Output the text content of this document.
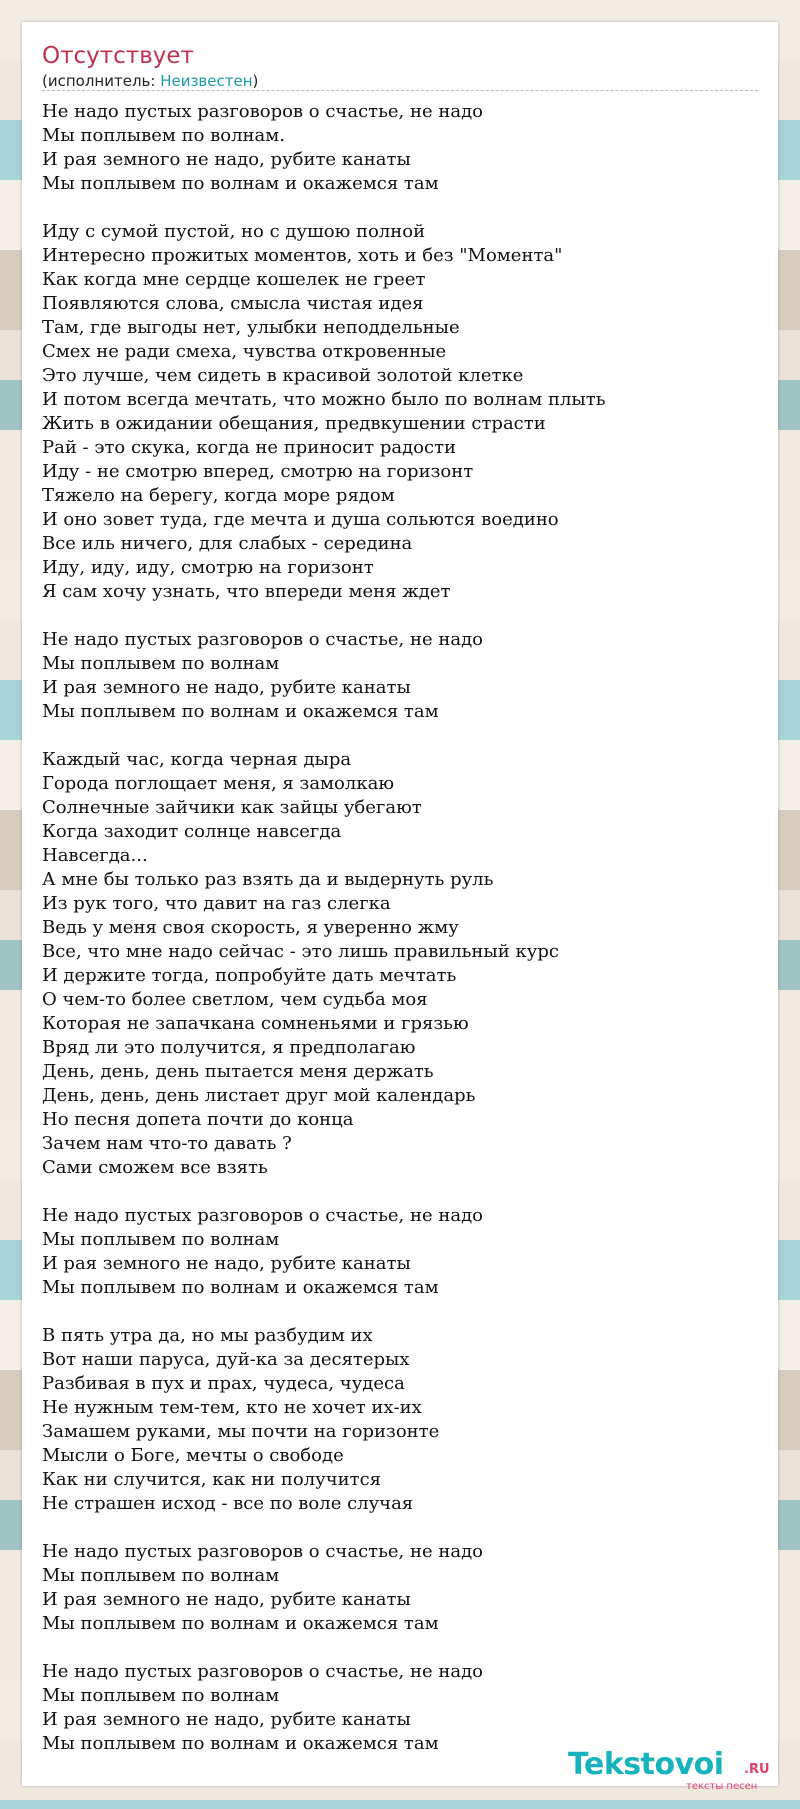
Отсутствует
(исполнитель: Неизвестен)
Не надо пустых разговоров о счастье, не надо
Мы поплывем по волнам.
И рая земного не надо, рубите канаты
Мы поплывем по волнам и окажемся там
Иду с сумой пустой, но с душою полной
Интересно прожитых моментов, хоть и без "Момента"
Как когда мне сердце кошелек не греет
Появляются слова, смысла чистая идея
Там, где выгоды нет, улыбки неподдельные
Смех не ради смеха, чувства откровенные
Это лучше, чем сидеть в красивой золотой клетке
И потом всегда мечтать, что можно было по волнам плыть
Жить в ожидании обещания, предвкушении страсти
Рай - это скука, когда не приносит радости
Иду - не смотрю вперед, смотрю на горизонт
Тяжело на берегу, когда море рядом
И оно зовет туда, где мечта и душа сольются воедино
Все иль ничего, для слабых - середина
Иду, иду, иду, смотрю на горизонт
Я сам хочу узнать, что впереди меня ждет
Не надо пустых разговоров о счастье, не надо
Мы поплывем по волнам
И рая земного не надо, рубите канаты
Мы поплывем по волнам и окажемся там
Каждый час, когда черная дыра
Города поглощает меня, я замолкаю
Солнечные зайчики как зайцы убегают
Когда заходит солнце навсегда
Навсегда...
А мне бы только раз взять да и выдернуть руль
Из рук того, что давит на газ слегка
Ведь у меня своя скорость, я уверенно жму
Все, что мне надо сейчас - это лишь правильный курс
И держите тогда, попробуйте дать мечтать
О чем-то более светлом, чем судьба моя
Которая не запачкана сомненьями и грязью
Вряд ли это получится, я предполагаю
День, день, день пытается меня держать
День, день, день листает друг мой календарь
Но песня допета почти до конца
Зачем нам что-то давать ?
Сами сможем все взять
Не надо пустых разговоров о счастье, не надо
Мы поплывем по волнам
И рая земного не надо, рубите канаты
Мы поплывем по волнам и окажемся там
В пять утра да, но мы разбудим их
Вот наши паруса, дуй-ка за десятерых
Разбивая в пух и прах, чудеса, чудеса
Не нужным тем-тем, кто не хочет их-их
Замашем руками, мы почти на горизонте
Мысли о Боге, мечты о свободе
Как ни случится, как ни получится
Не страшен исход - все по воле случая
Не надо пустых разговоров о счастье, не надо
Мы поплывем по волнам
И рая земного не надо, рубите канаты
Мы поплывем по волнам и окажемся там
Не надо пустых разговоров о счастье, не надо
Мы поплывем по волнам
И рая земного не надо, рубите канаты
Мы поплывем по волнам и окажемся там
Tekstovoi .RU
тексты песен
